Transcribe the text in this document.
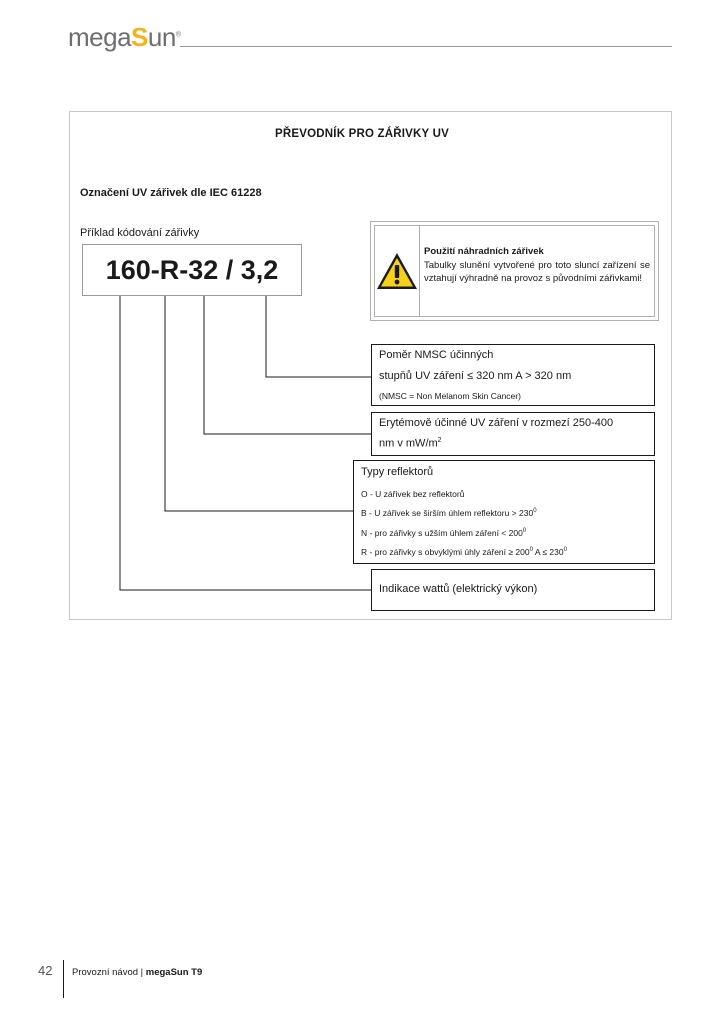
megaSun®
PŘEVODNÍK PRO ZÁŘIVKY UV
Označení UV zářivek dle IEC 61228
Příklad kódování zářivky
160-R-32 / 3,2
Použití náhradních zářivek
Tabulky slunění vytvořené pro toto sluncí zařízení se vztahují výhradně na provoz s původními zářivkami!
Poměr NMSC účinných
stupňů UV záření ≤ 320 nm A > 320 nm
(NMSC = Non Melanom Skin Cancer)
Erytémově účinné UV záření v rozmezí 250-400
nm v $mW/m^2$
Typy reflektorů
O - U zářivek bez reflektorů
B - U zářivek se širším úhlem reflektoru > $230^0$
N - pro zářivky s užším úhlem záření < $200^0$
R - pro zářivky s obvyklými úhly záření ≥ $200^0$ $A \le 230^0$
Indikace wattů (elektrický výkon)
42 Provozní návod | megaSun T9
